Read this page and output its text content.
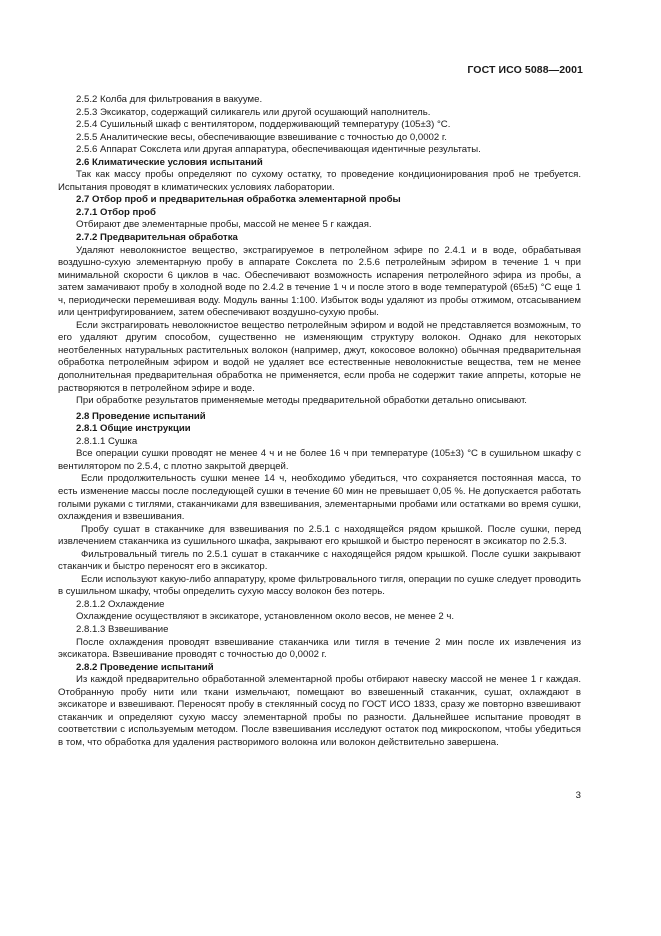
ГОСТ ИСО 5088—2001

2.5.2 Колба для фильтрования в вакууме.

2.5.3 Эксикатор, содержащий силикагель или другой осушающий наполнитель.

2.5.4 Сушильный шкаф с вентилятором, поддерживающий температуру (105±3) °С.

2.5.5 Аналитические весы, обеспечивающие взвешивание с точностью до 0,0002 г.

2.5.6 Аппарат Сокслета или другая аппаратура, обеспечивающая идентичные результаты.

2.6 Климатические условия испытаний

Так как массу пробы определяют по сухому остатку, то проведение кондиционирования проб не требуется. Испытания проводят в климатических условиях лаборатории.

2.7 Отбор проб и предварительная обработка элементарной пробы

2.7.1 Отбор проб

Отбирают две элементарные пробы, массой не менее 5 г каждая.

2.7.2 Предварительная обработка

Удаляют неволокнистое вещество, экстрагируемое в петролейном эфире по 2.4.1 и в воде, обрабатывая воздушно-сухую элементарную пробу в аппарате Сокслета по 2.5.6 петролейным эфиром в течение 1 ч при минимальной скорости 6 циклов в час. Обеспечивают возможность испарения петролейного эфира из пробы, а затем замачивают пробу в холодной воде по 2.4.2 в течение 1 ч и после этого в воде температурой (65±5) °С еще 1 ч, периодически перемешивая воду. Модуль ванны 1:100. Избыток воды удаляют из пробы отжимом, отсасыванием или центрифугированием, затем обеспечивают воздушно-сухую пробы.

Если экстрагировать неволокнистое вещество петролейным эфиром и водой не представляется возможным, то его удаляют другим способом, существенно не изменяющим структуру волокон. Однако для некоторых неотбеленных натуральных растительных волокон (например, джут, кокосовое волокно) обычная предварительная обработка петролейным эфиром и водой не удаляет все естественные неволокнистые вещества, тем не менее дополнительная предварительная обработка не применяется, если проба не содержит такие аппреты, которые не растворяются в петролейном эфире и воде.

При обработке результатов применяемые методы предварительной обработки детально описывают.

2.8 Проведение испытаний

2.8.1 Общие инструкции

2.8.1.1 Сушка

Все операции сушки проводят не менее 4 ч и не более 16 ч при температуре (105±3) °С в сушильном шкафу с вентилятором по 2.5.4, с плотно закрытой дверцей.

Если продолжительность сушки менее 14 ч, необходимо убедиться, что сохраняется постоянная масса, то есть изменение массы после последующей сушки в течение 60 мин не превышает 0,05 %. Не допускается работать голыми руками с тиглями, стаканчиками для взвешивания, элементарными пробами или остатками во время сушки, охлаждения и взвешивания.

Пробу сушат в стаканчике для взвешивания по 2.5.1 с находящейся рядом крышкой. После сушки, перед извлечением стаканчика из сушильного шкафа, закрывают его крышкой и быстро переносят в эксикатор по 2.5.3.

Фильтровальный тигель по 2.5.1 сушат в стаканчике с находящейся рядом крышкой. После сушки закрывают стаканчик и быстро переносят его в эксикатор.

Если используют какую-либо аппаратуру, кроме фильтровального тигля, операции по сушке следует проводить в сушильном шкафу, чтобы определить сухую массу волокон без потерь.

2.8.1.2 Охлаждение

Охлаждение осуществляют в эксикаторе, установленном около весов, не менее 2 ч.

2.8.1.3 Взвешивание

После охлаждения проводят взвешивание стаканчика или тигля в течение 2 мин после их извлечения из эксикатора. Взвешивание проводят с точностью до 0,0002 г.

2.8.2 Проведение испытаний

Из каждой предварительно обработанной элементарной пробы отбирают навеску массой не менее 1 г каждая. Отобранную пробу нити или ткани измельчают, помещают во взвешенный стаканчик, сушат, охлаждают в эксикаторе и взвешивают. Переносят пробу в стеклянный сосуд по ГОСТ ИСО 1833, сразу же повторно взвешивают стаканчик и определяют сухую массу элементарной пробы по разности. Дальнейшее испытание проводят в соответствии с используемым методом. После взвешивания исследуют остаток под микроскопом, чтобы убедиться в том, что обработка для удаления растворимого волокна или волокон действительно завершена.

3
